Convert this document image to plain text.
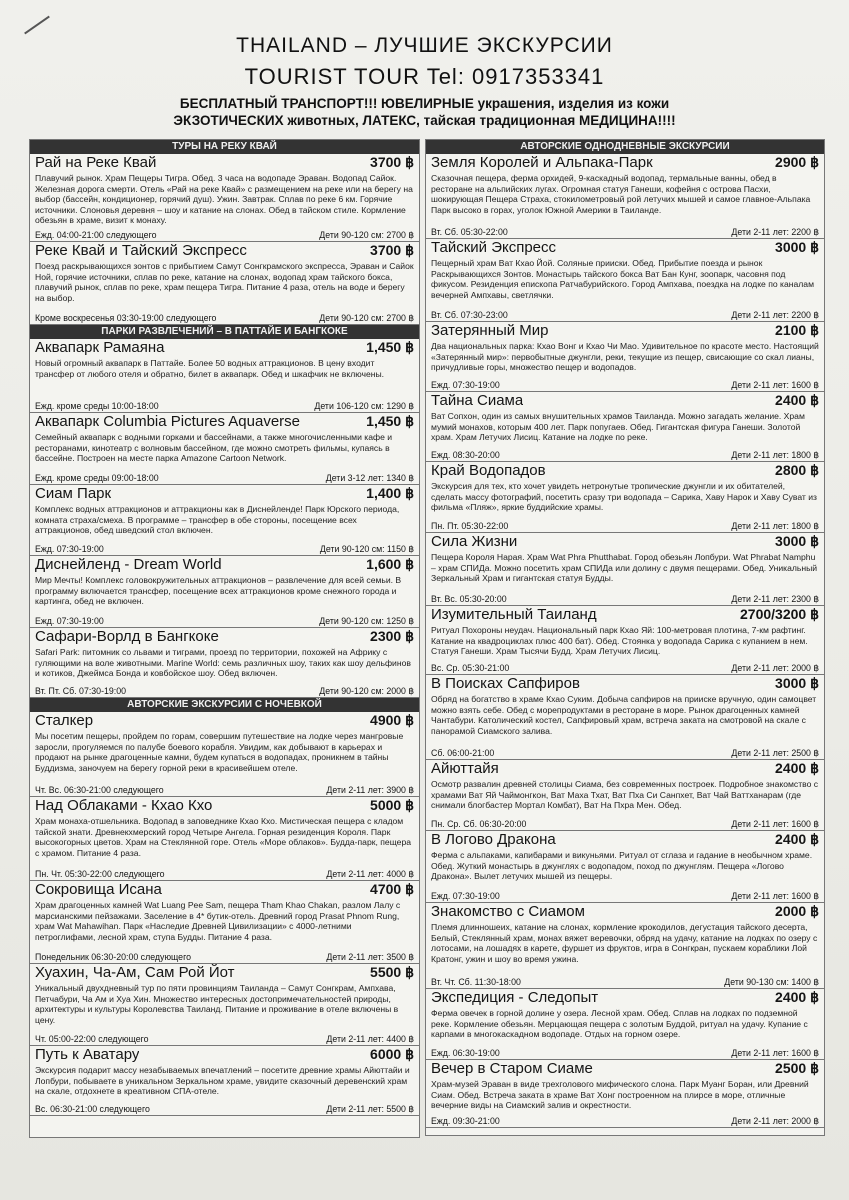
THAILAND – ЛУЧШИЕ ЭКСКУРСИИ
TOURIST TOUR Tel: 0917353341
БЕСПЛАТНЫЙ ТРАНСПОРТ!!! ЮВЕЛИРНЫЕ украшения, изделия из кожи
ЭКЗОТИЧЕСКИХ животных, ЛАТЕКС, тайская традиционная МЕДИЦИНА!!!!
ТУРЫ НА РЕКУ КВАЙ
Рай на Реке Квай	3700 ฿
Плавучий рынок. Храм Пещеры Тигра. Обед. 3 часа на водопаде Эраван. Водопад Сайок. Железная дорога смерти. Отель «Рай на реке Квай» с размещением на реке или на берегу на выбор (бассейн, кондиционер, горячий душ). Ужин. Завтрак. Сплав по реке 6 км. Горячие источники. Слоновья деревня – шоу и катание на слонах. Обед в тайском стиле. Кормление обезьян в храме, визит к монаху.
Ежд. 04:00-21:00 следующего	Дети 90-120 см: 2700 ฿
Реке Квай и Тайский Экспресс	3700 ฿
Поезд раскрывающихся зонтов с прибытием Самут Сонгкрамского экспресса, Эраван и Сайок Ной, горячие источники, сплав по реке, катание на слонах, водопад храм тайского бокса, плавучий рынок, сплав по реке, храм пещера Тигра. Питание 4 раза, отель на воде и берегу на выбор.
Кроме воскресенья 03:30-19:00 следующего	Дети 90-120 см: 2700 ฿
ПАРКИ РАЗВЛЕЧЕНИЙ – В ПАТТАЙЕ И БАНГКОКЕ
Аквапарк Рамаяна	1,450 ฿
Новый огромный аквапарк в Паттайе. Более 50 водных аттракционов. В цену входит трансфер от любого отеля и обратно, билет в аквапарк. Обед и шкафчик не включены.
Ежд. кроме среды 10:00-18:00	Дети 106-120 см: 1290 ฿
Аквапарк Columbia Pictures Aquaverse	1,450 ฿
Семейный аквапарк с водными горками и бассейнами, а также многочисленными кафе и ресторанами, кинотеатр с волновым бассейном, где можно смотреть фильмы, купаясь в бассейне. Построен на месте парка Amazone Cartoon Network.
Ежд. кроме среды 09:00-18:00	Дети 3-12 лет: 1340 ฿
Сиам Парк	1,400 ฿
Комплекс водных аттракционов и аттракционы как в Диснейленде! Парк Юрского периода, комната страха/смеха. В программе – трансфер в обе стороны, посещение всех аттракционов, обед шведский стол включен.
Ежд. 07:30-19:00	Дети 90-120 см: 1150 ฿
Диснейленд - Dream World	1,600 ฿
Мир Мечты! Комплекс головокружительных аттракционов – развлечение для всей семьи. В программу включается трансфер, посещение всех аттракционов кроме снежного города и картинга, обед не включен.
Ежд. 07:30-19:00	Дети 90-120 см: 1250 ฿
Сафари-Ворлд в Бангкоке	2300 ฿
Safari Park: питомник со львами и тиграми, проезд по территории, похожей на Африку с гуляющими на воле животными. Marine World: семь различных шоу, таких как шоу дельфинов и котиков, Джеймса Бонда и ковбойское шоу. Обед включен.
Вт. Пт. Сб. 07:30-19:00	Дети 90-120 см: 2000 ฿
АВТОРСКИЕ ЭКСКУРСИИ С НОЧЕВКОЙ
Сталкер	4900 ฿
Мы посетим пещеры, пройдем по горам, совершим путешествие на лодке через мангровые заросли, прогуляемся по палубе боевого корабля. Увидим, как добывают в карьерах и продают на рынке драгоценные камни, будем купаться в водопадах, проникнем в тайны Буддизма, заночуем на берегу горной реки в красивейшем отеле.
Чт. Вс. 06:30-21:00 следующего	Дети 2-11 лет: 3900 ฿
Над Облаками - Кхао Кхо	5000 ฿
Храм монаха-отшельника. Водопад в заповеднике Кхао Кхо. Мистическая пещера с кладом тайской знати. Древнекхмерский город Четыре Ангела. Горная резиденция Короля. Парк высокогорных цветов. Храм на Стеклянной горе. Отель «Море облаков». Будда-парк, пещера с храмом. Питание 4 раза.
Пн. Чт. 05:30-22:00 следующего	Дети 2-11 лет: 4000 ฿
Сокровища Исана	4700 ฿
Храм драгоценных камней Wat Luang Pee Sam, пещера Tham Khao Chakan, разлом Лалу с марсианскими пейзажами. Заселение в 4* бутик-отель. Древний город Prasat Phnom Rung, храм Wat Mahawihan. Парк «Наследие Древней Цивилизации» с 4000-летними петроглифами, лесной храм, ступа Будды. Питание 4 раза.
Понедельник 06:30-20:00 следующего	Дети 2-11 лет: 3500 ฿
Хуахин, Ча-Ам, Сам Рой Йот	5500 ฿
Уникальный двухдневный тур по пяти провинциям Таиланда – Самут Сонгкрам, Ампхава, Петчабури, Ча Ам и Хуа Хин. Множество интересных достопримечательностей природы, архитектуры и культуры Королевства Таиланд. Питание и проживание в отеле включены в цену.
Чт. 05:00-22:00 следующего	Дети 2-11 лет: 4400 ฿
Путь к Аватару	6000 ฿
Экскурсия подарит массу незабываемых впечатлений – посетите древние храмы Айюттайи и Лопбури, побываете в уникальном Зеркальном храме, увидите сказочный деревенский храм на скале, отдохнете в креативном СПА-отеле.
Вс. 06:30-21:00 следующего	Дети 2-11 лет: 5500 ฿
АВТОРСКИЕ ОДНОДНЕВНЫЕ ЭКСКУРСИИ
Земля Королей и Альпака-Парк	2900 ฿
Сказочная пещера, ферма орхидей, 9-каскадный водопад, термальные ванны, обед в ресторане на альпийских лугах. Огромная статуя Ганеши, кофейня с острова Пасхи, шокирующая Пещера Страха, стокилометровый рой летучих мышей и самое главное-Альпака Парк высоко в горах, уголок Южной Америки в Таиланде.
Вт. Сб. 05:30-22:00	Дети 2-11 лет: 2200 ฿
Тайский Экспресс	3000 ฿
Пещерный храм Ват Кхао Йой. Соляные прииски. Обед. Прибытие поезда и рынок Раскрывающихся Зонтов. Монастырь тайского бокса Ват Бан Кунг, зоопарк, часовня под фикусом. Резиденция епископа Ратчабурийского. Город Ампхава, поездка на лодке по каналам вечерней Ампхавы, светлячки.
Вт. Сб. 07:30-23:00	Дети 2-11 лет: 2200 ฿
Затерянный Мир	2100 ฿
Два национальных парка: Кхао Вонг и Кхао Чи Мао. Удивительное по красоте место. Настоящий «Затерянный мир»: первобытные джунгли, реки, текущие из пещер, свисающие со скал лианы, причудливые горы, множество пещер и водопадов.
Ежд. 07:30-19:00	Дети 2-11 лет: 1600 ฿
Тайна Сиама	2400 ฿
Ват Сопхон, один из самых внушительных храмов Таиланда. Можно загадать желание. Храм мумий монахов, которым 400 лет. Парк попугаев. Обед. Гигантская фигура Ганеши. Золотой храм. Храм Летучих Лисиц. Катание на лодке по реке.
Ежд. 08:30-20:00	Дети 2-11 лет: 1800 ฿
Край Водопадов	2800 ฿
Экскурсия для тех, кто хочет увидеть нетронутые тропические джунгли и их обитателей, сделать массу фотографий, посетить сразу три водопада – Сарика, Хаву Нарок и Хаву Суват из фильма «Пляж», яркие буддийские храмы.
Пн. Пт. 05:30-22:00	Дети 2-11 лет: 1800 ฿
Сила Жизни	3000 ฿
Пещера Короля Нарая. Храм Wat Phra Phutthabat. Город обезьян Лопбури. Wat Phrabat Namphu – храм СПИДа. Можно посетить храм СПИДа или долину с двумя пещерами. Обед. Уникальный Зеркальный Храм и гигантская статуя Будды.
Вт. Вс. 05:30-20:00	Дети 2-11 лет: 2300 ฿
Изумительный Таиланд	2700/3200 ฿
Ритуал Похороны неудач. Национальный парк Кхао Яй: 100-метровая плотина, 7-км рафтинг. Катание на квадроциклах плюс 400 бат). Обед. Стоянка у водопада Сарика с купанием в нем. Статуя Ганеши. Храм Тысячи Будд. Храм Летучих Лисиц.
Вс. Ср. 05:30-21:00	Дети 2-11 лет: 2000 ฿
В Поисках Сапфиров	3000 ฿
Обряд на богатство в храме Кхао Суким. Добыча сапфиров на прииске вручную, один самоцвет можно взять себе. Обед с морепродуктами в ресторане в море. Рынок драгоценных камней Чантабури. Католический костел, Сапфировый храм, встреча заката на смотровой на скале с панорамой Сиамского залива.
Сб. 06:00-21:00	Дети 2-11 лет: 2500 ฿
Айюттайя	2400 ฿
Осмотр развалин древней столицы Сиама, без современных построек. Подробное знакомство с храмами Ват Яй Чаймонгкон, Ват Маха Тхат, Ват Пха Си Санпхет, Ват Чай Ваттханарам (где снимали блогбастер Мортал Комбат), Ват На Пхра Мен. Обед.
Пн. Ср. Сб. 06:30-20:00	Дети 2-11 лет: 1600 ฿
В Логово Дракона	2400 ฿
Ферма с альпаками, капибарами и викуньями. Ритуал от сглаза и гадание в необычном храме. Обед. Жуткий монастырь в джунглях с водопадом, поход по джунглям. Пещера «Логово Дракона». Вылет летучих мышей из пещеры.
Ежд. 07:30-19:00	Дети 2-11 лет: 1600 ฿
Знакомство с Сиамом	2000 ฿
Племя длинношеих, катание на слонах, кормление крокодилов, дегустация тайского десерта, Белый, Стеклянный храм, монах вяжет веревочки, обряд на удачу, катание на лодках по озеру с лотосами, на лошадях в карете, фуршет из фруктов, игра в Сонгкран, пускаем кораблики Лой Кратонг, ужин и шоу во время ужина.
Вт. Чт. Сб. 11:30-18:00	Дети 90-130 см: 1400 ฿
Экспедиция - Следопыт	2400 ฿
Ферма овечек в горной долине у озера. Лесной храм. Обед. Сплав на лодках по подземной реке. Кормление обезьян. Мерцающая пещера с золотым Буддой, ритуал на удачу. Купание с карпами в многокаскадном водопаде. Отдых на горном озере.
Ежд. 06:30-19:00	Дети 2-11 лет: 1600 ฿
Вечер в Старом Сиаме	2500 ฿
Храм-музей Эраван в виде трехголового мифического слона. Парк Муанг Боран, или Древний Сиам. Обед. Встреча заката в храме Ват Хонг построенном на плирсе в море, отличные вечерние виды на Сиамский залив и окрестности.
Ежд. 09:30-21:00	Дети 2-11 лет: 2000 ฿
